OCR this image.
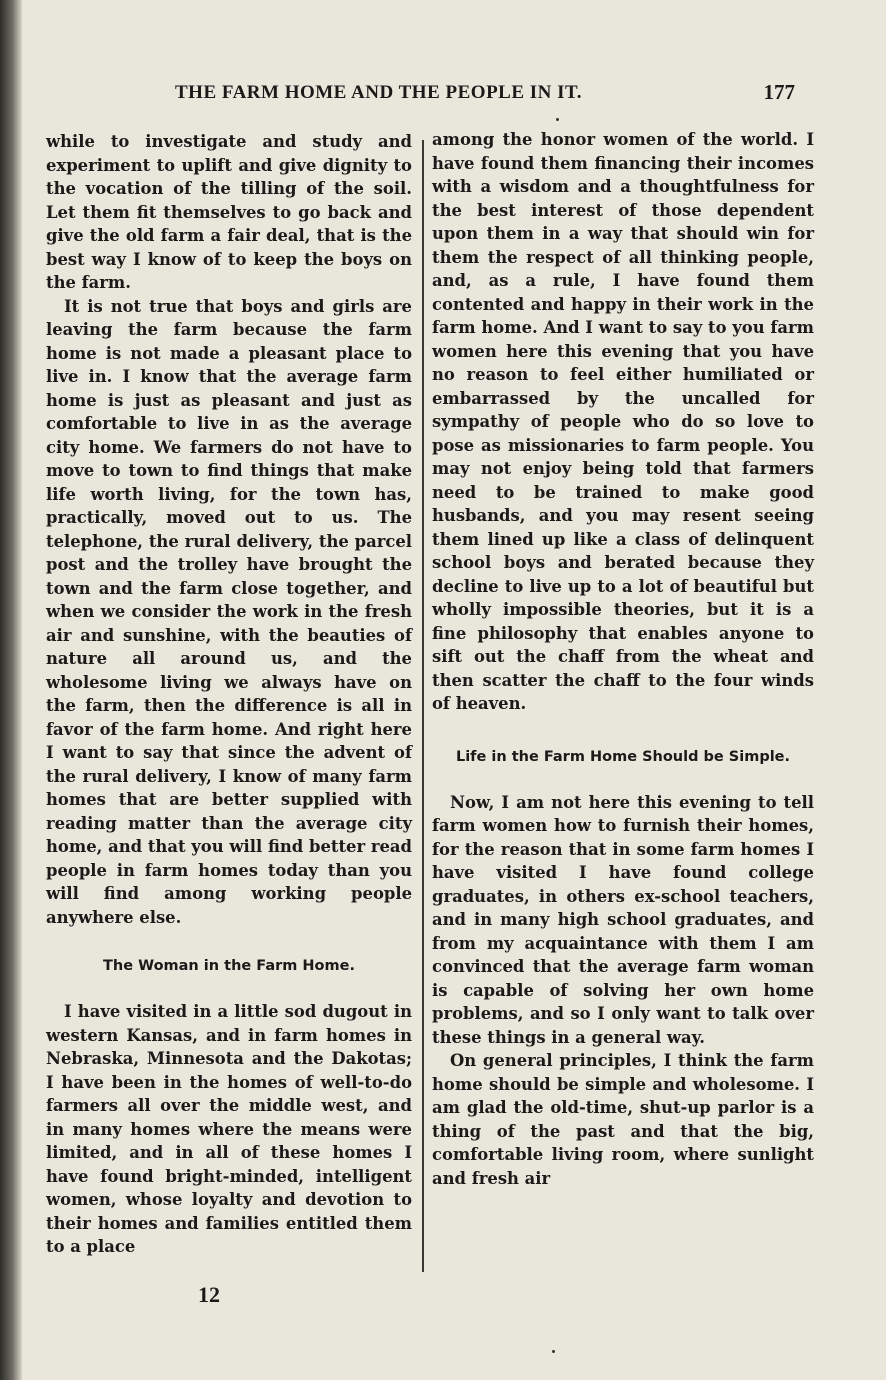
THE FARM HOME AND THE PEOPLE IN IT.	177

while to investigate and study and experiment to uplift and give dignity to the vocation of the tilling of the soil. Let them fit themselves to go back and give the old farm a fair deal, that is the best way I know of to keep the boys on the farm.

It is not true that boys and girls are leaving the farm because the farm home is not made a pleasant place to live in. I know that the average farm home is just as pleasant and just as comfortable to live in as the average city home. We farmers do not have to move to town to find things that make life worth living, for the town has, practically, moved out to us. The telephone, the rural delivery, the parcel post and the trolley have brought the town and the farm close together, and when we consider the work in the fresh air and sunshine, with the beauties of nature all around us, and the wholesome living we always have on the farm, then the difference is all in favor of the farm home. And right here I want to say that since the advent of the rural delivery, I know of many farm homes that are better supplied with reading matter than the average city home, and that you will find better read people in farm homes today than you will find among working people anywhere else.

The Woman in the Farm Home.

I have visited in a little sod dugout in western Kansas, and in farm homes in Nebraska, Minnesota and the Dakotas; I have been in the homes of well-to-do farmers all over the middle west, and in many homes where the means were limited, and in all of these homes I have found bright-minded, intelligent women, whose loyalty and devotion to their homes and families entitled them to a place

among the honor women of the world. I have found them financing their incomes with a wisdom and a thoughtfulness for the best interest of those dependent upon them in a way that should win for them the respect of all thinking people, and, as a rule, I have found them contented and happy in their work in the farm home. And I want to say to you farm women here this evening that you have no reason to feel either humiliated or embarrassed by the uncalled for sympathy of people who do so love to pose as missionaries to farm people. You may not enjoy being told that farmers need to be trained to make good husbands, and you may resent seeing them lined up like a class of delinquent school boys and berated because they decline to live up to a lot of beautiful but wholly impossible theories, but it is a fine philosophy that enables anyone to sift out the chaff from the wheat and then scatter the chaff to the four winds of heaven.

Life in the Farm Home Should be Simple.

Now, I am not here this evening to tell farm women how to furnish their homes, for the reason that in some farm homes I have visited I have found college graduates, in others ex-school teachers, and in many high school graduates, and from my acquaintance with them I am convinced that the average farm woman is capable of solving her own home problems, and so I only want to talk over these things in a general way.

On general principles, I think the farm home should be simple and wholesome. I am glad the old-time, shut-up parlor is a thing of the past and that the big, comfortable living room, where sunlight and fresh air

12
